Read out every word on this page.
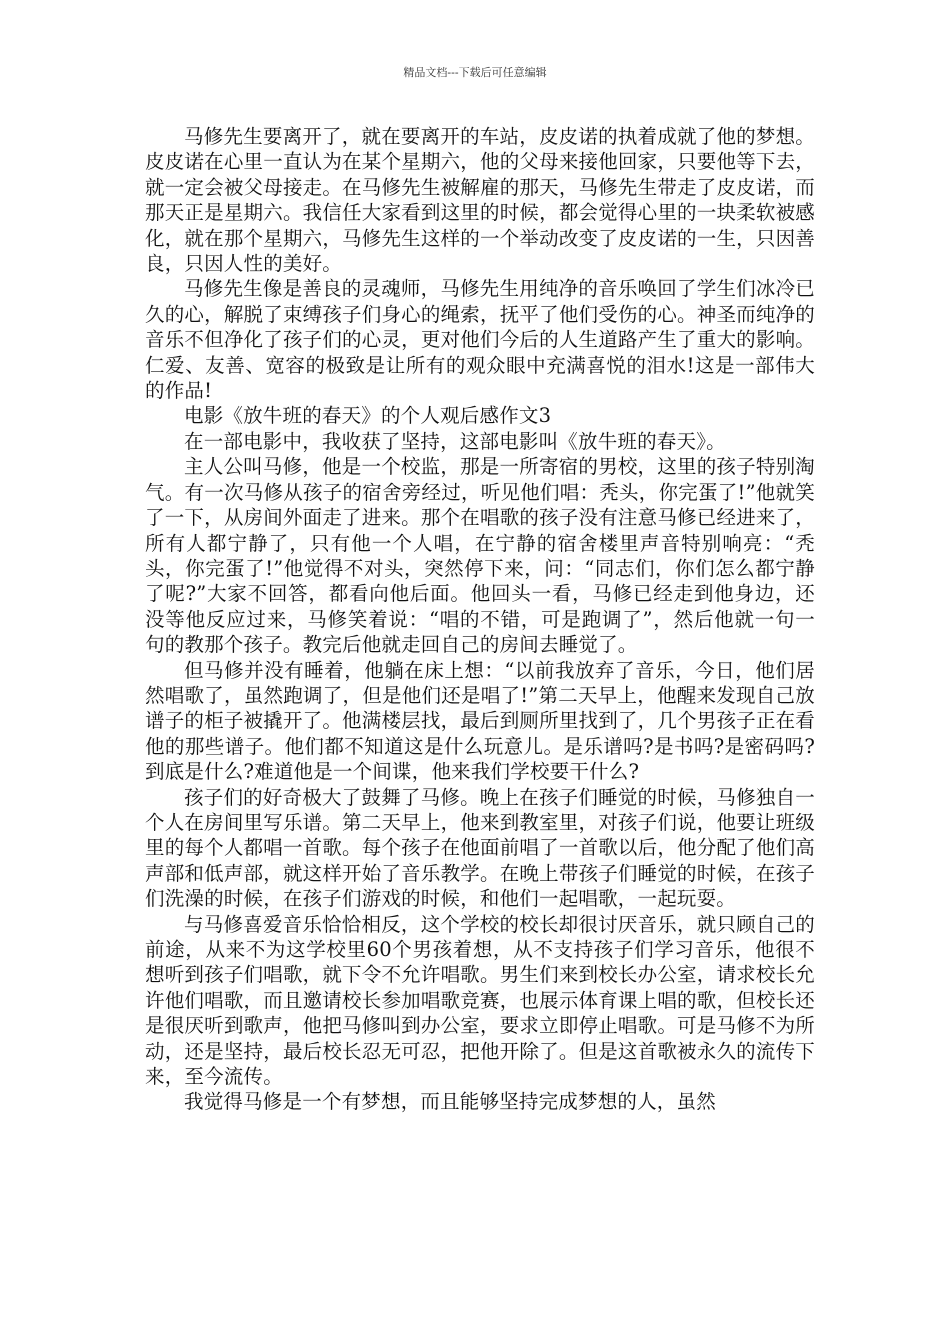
精品文档---下载后可任意编辑

马修先生要离开了，就在要离开的车站，皮皮诺的执着成就了他的梦想。皮皮诺在心里一直认为在某个星期六，他的父母来接他回家，只要他等下去，就一定会被父母接走。在马修先生被解雇的那天，马修先生带走了皮皮诺，而那天正是星期六。我信任大家看到这里的时候，都会觉得心里的一块柔软被感化，就在那个星期六，马修先生这样的一个举动改变了皮皮诺的一生，只因善良，只因人性的美好。

马修先生像是善良的灵魂师，马修先生用纯净的音乐唤回了学生们冰冷已久的心，解脱了束缚孩子们身心的绳索，抚平了他们受伤的心。神圣而纯净的音乐不但净化了孩子们的心灵，更对他们今后的人生道路产生了重大的影响。仁爱、友善、宽容的极致是让所有的观众眼中充满喜悦的泪水!这是一部伟大的作品!

电影《放牛班的春天》的个人观后感作文3

在一部电影中，我收获了坚持，这部电影叫《放牛班的春天》。

主人公叫马修，他是一个校监，那是一所寄宿的男校，这里的孩子特别淘气。有一次马修从孩子的宿舍旁经过，听见他们唱：秃头，你完蛋了!”他就笑了一下，从房间外面走了进来。那个在唱歌的孩子没有注意马修已经进来了，所有人都宁静了，只有他一个人唱，在宁静的宿舍楼里声音特别响亮：“秃头，你完蛋了!”他觉得不对头，突然停下来，问：“同志们，你们怎么都宁静了呢?”大家不回答，都看向他后面。他回头一看，马修已经走到他身边，还没等他反应过来，马修笑着说：“唱的不错，可是跑调了”，然后他就一句一句的教那个孩子。教完后他就走回自己的房间去睡觉了。

但马修并没有睡着，他躺在床上想：“以前我放弃了音乐，今日，他们居然唱歌了，虽然跑调了，但是他们还是唱了!”第二天早上，他醒来发现自己放谱子的柜子被撬开了。他满楼层找，最后到厕所里找到了，几个男孩子正在看他的那些谱子。他们都不知道这是什么玩意儿。是乐谱吗?是书吗?是密码吗?到底是什么?难道他是一个间谍，他来我们学校要干什么?

孩子们的好奇极大了鼓舞了马修。晚上在孩子们睡觉的时候，马修独自一个人在房间里写乐谱。第二天早上，他来到教室里，对孩子们说，他要让班级里的每个人都唱一首歌。每个孩子在他面前唱了一首歌以后，他分配了他们高声部和低声部，就这样开始了音乐教学。在晚上带孩子们睡觉的时候，在孩子们洗澡的时候，在孩子们游戏的时候，和他们一起唱歌，一起玩耍。

与马修喜爱音乐恰恰相反，这个学校的校长却很讨厌音乐，就只顾自己的前途，从来不为这学校里60个男孩着想，从不支持孩子们学习音乐，他很不想听到孩子们唱歌，就下令不允许唱歌。男生们来到校长办公室，请求校长允许他们唱歌，而且邀请校长参加唱歌竞赛，也展示体育课上唱的歌，但校长还是很厌听到歌声，他把马修叫到办公室，要求立即停止唱歌。可是马修不为所动，还是坚持，最后校长忍无可忍，把他开除了。但是这首歌被永久的流传下来，至今流传。

我觉得马修是一个有梦想，而且能够坚持完成梦想的人，虽然
